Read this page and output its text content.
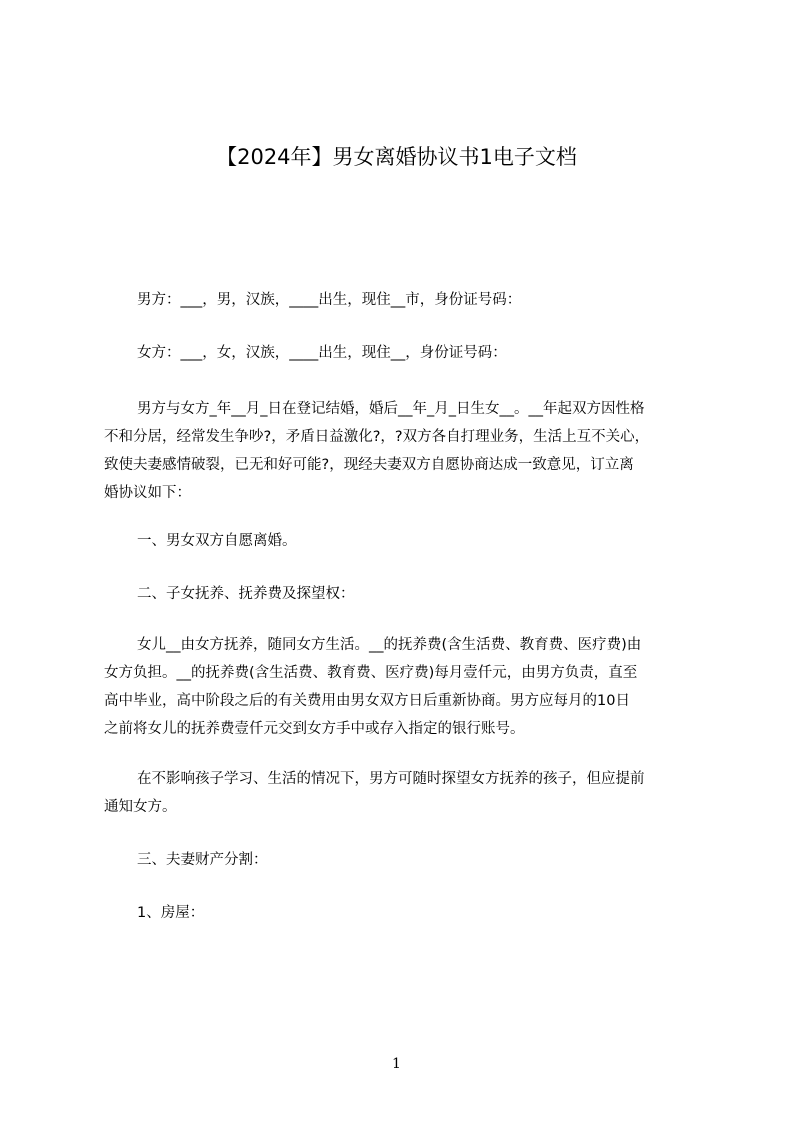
【2024年】男女离婚协议书1电子文档

男方：___，男，汉族，____出生，现住__市，身份证号码：

女方：___，女，汉族，____出生，现住__，身份证号码：

男方与女方_年__月_日在登记结婚，婚后__年_月_日生女__。__年起双方因性格
不和分居，经常发生争吵?，矛盾日益激化?，?双方各自打理业务，生活上互不关心，
致使夫妻感情破裂，已无和好可能?，现经夫妻双方自愿协商达成一致意见，订立离
婚协议如下：

一、男女双方自愿离婚。

二、子女抚养、抚养费及探望权：

女儿__由女方抚养，随同女方生活。__的抚养费(含生活费、教育费、医疗费)由
女方负担。__的抚养费(含生活费、教育费、医疗费)每月壹仟元，由男方负责，直至
高中毕业，高中阶段之后的有关费用由男女双方日后重新协商。男方应每月的10日
之前将女儿的抚养费壹仟元交到女方手中或存入指定的银行账号。

在不影响孩子学习、生活的情况下，男方可随时探望女方抚养的孩子，但应提前
通知女方。

三、夫妻财产分割：

1、房屋：

1
